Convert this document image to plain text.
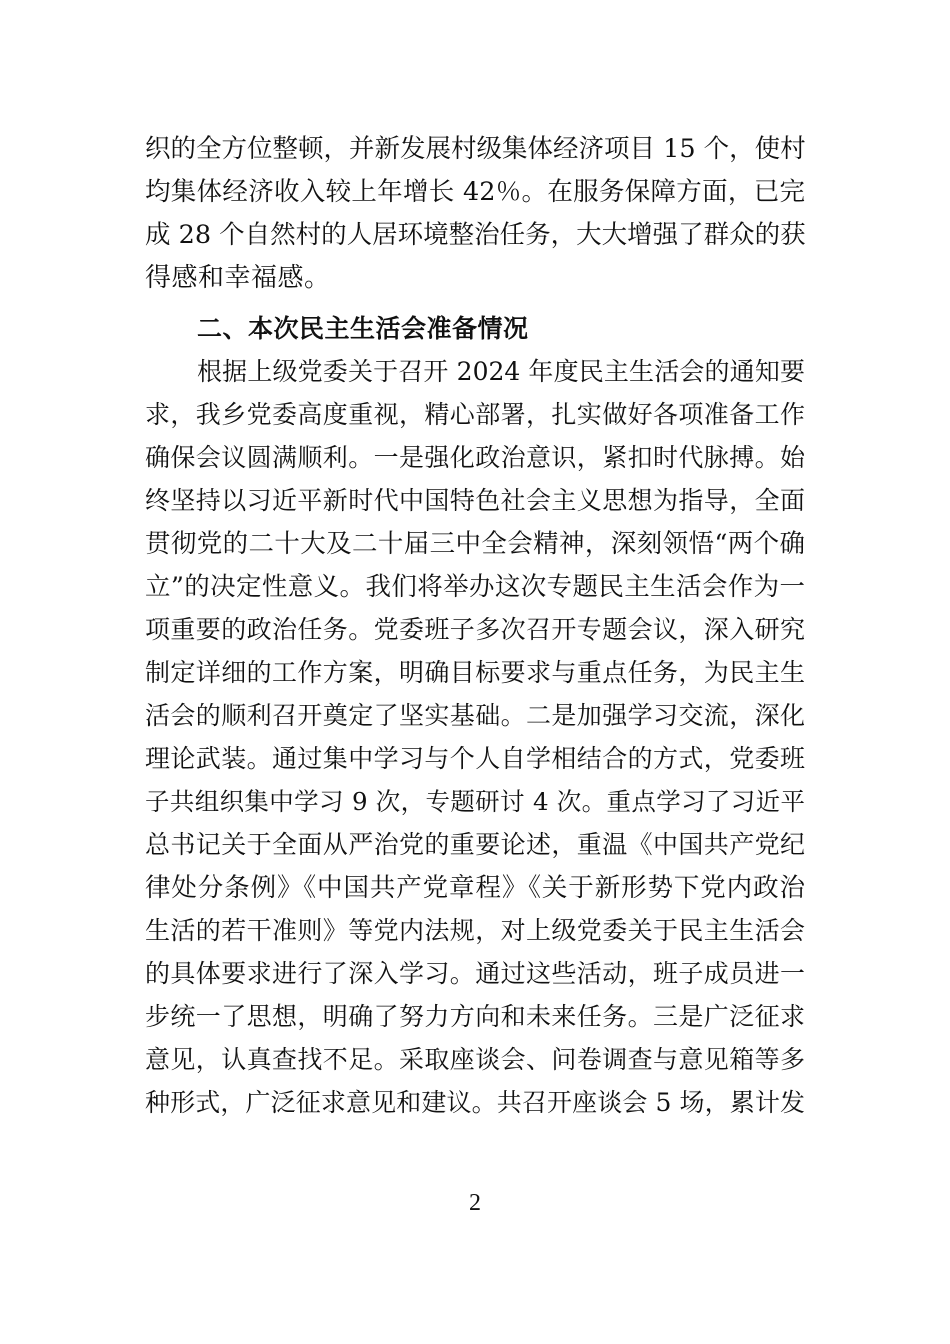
织的全方位整顿，并新发展村级集体经济项目 15 个，使村
均集体经济收入较上年增长 42％。在服务保障方面，已完
成 28 个自然村的人居环境整治任务，大大增强了群众的获
得感和幸福感。
二、本次民主生活会准备情况
根据上级党委关于召开 2024 年度民主生活会的通知要
求，我乡党委高度重视，精心部署，扎实做好各项准备工作
确保会议圆满顺利。一是强化政治意识，紧扣时代脉搏。始
终坚持以习近平新时代中国特色社会主义思想为指导，全面
贯彻党的二十大及二十届三中全会精神，深刻领悟“两个确
立”的决定性意义。我们将举办这次专题民主生活会作为一
项重要的政治任务。党委班子多次召开专题会议，深入研究
制定详细的工作方案，明确目标要求与重点任务，为民主生
活会的顺利召开奠定了坚实基础。二是加强学习交流，深化
理论武装。通过集中学习与个人自学相结合的方式，党委班
子共组织集中学习 9 次，专题研讨 4 次。重点学习了习近平
总书记关于全面从严治党的重要论述，重温《中国共产党纪
律处分条例》《中国共产党章程》《关于新形势下党内政治
生活的若干准则》等党内法规，对上级党委关于民主生活会
的具体要求进行了深入学习。通过这些活动，班子成员进一
步统一了思想，明确了努力方向和未来任务。三是广泛征求
意见，认真查找不足。采取座谈会、问卷调查与意见箱等多
种形式，广泛征求意见和建议。共召开座谈会 5 场，累计发
2
